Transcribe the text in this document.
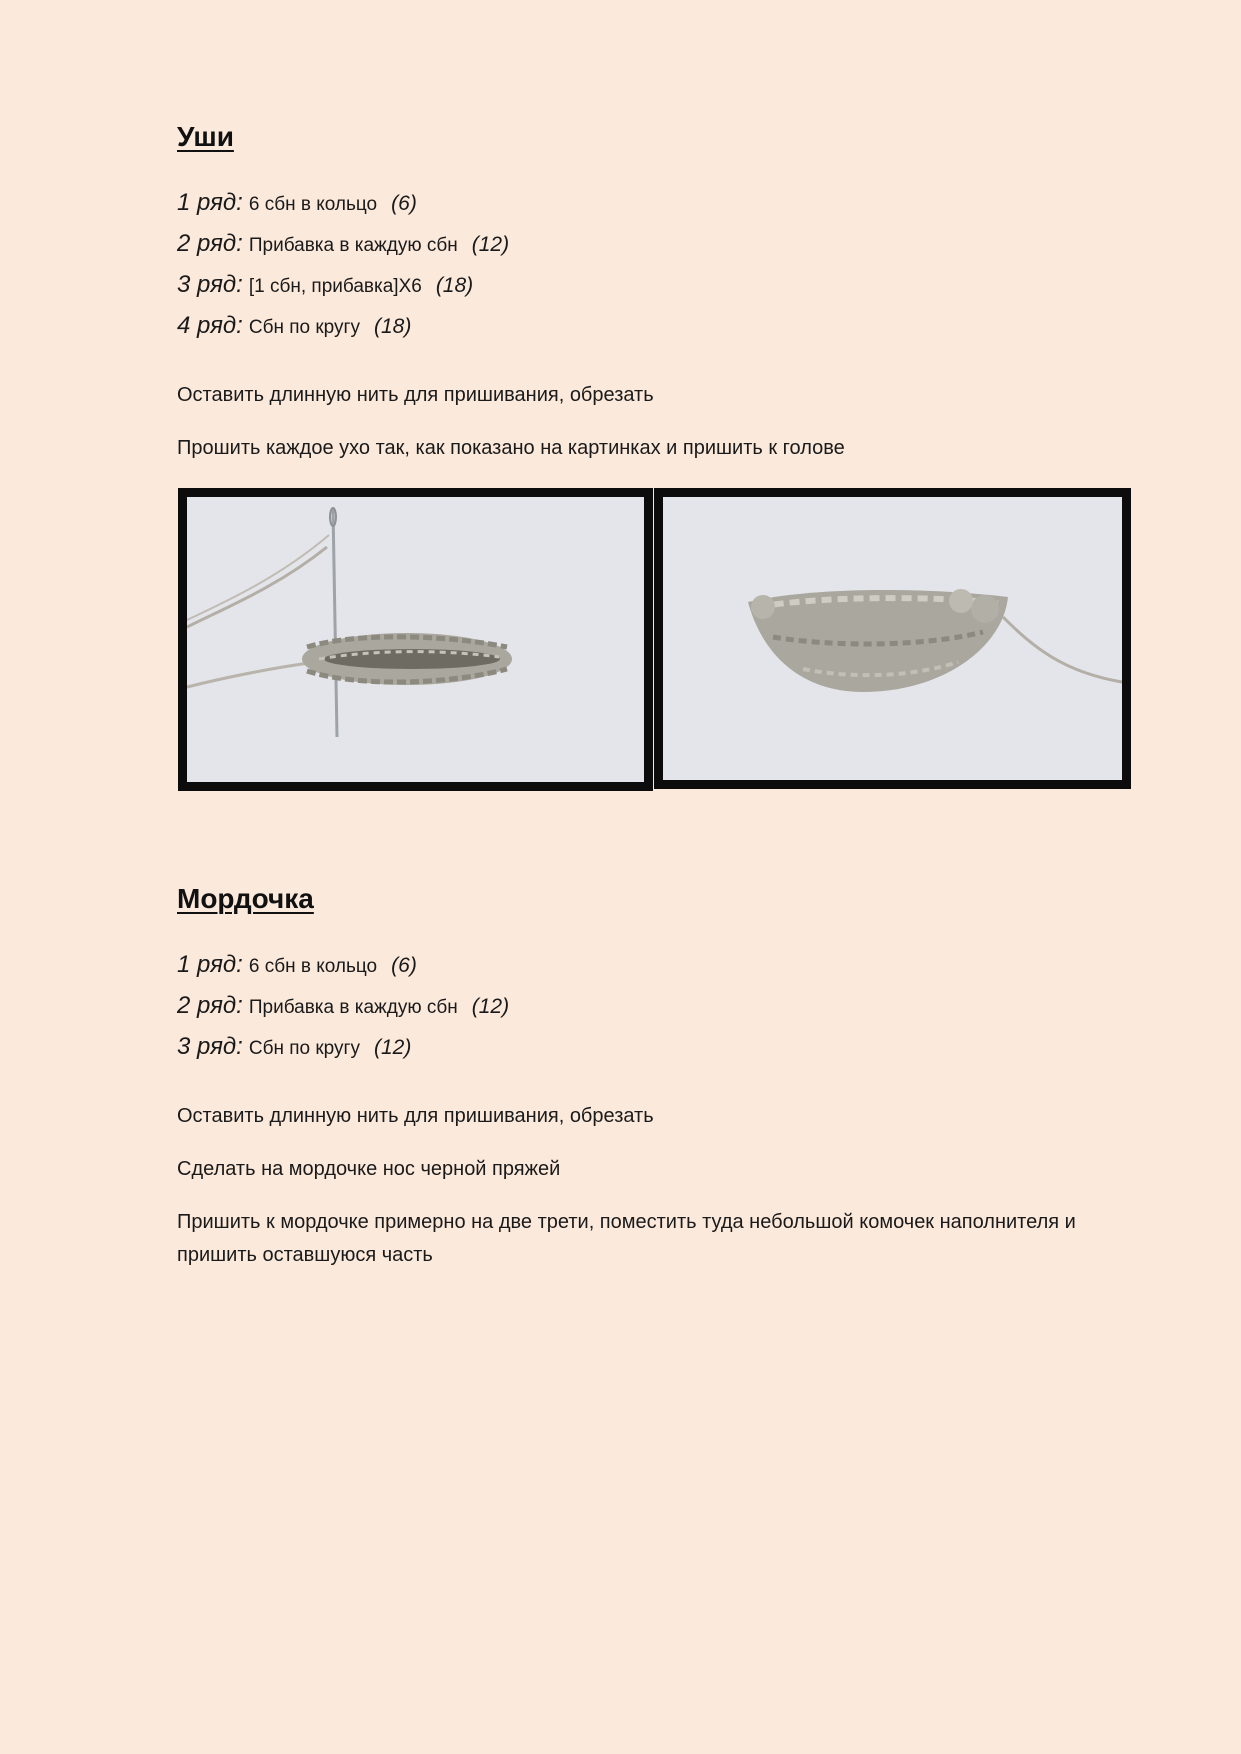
Уши
1 ряд: 6 сбн в кольцо (6)
2 ряд: Прибавка в каждую сбн (12)
3 ряд: [1 сбн, прибавка]Х6 (18)
4 ряд: Сбн по кругу (18)

Оставить длинную нить для пришивания, обрезать

Прошить каждое ухо так, как показано на картинках и пришить к голове

Мордочка
1 ряд: 6 сбн в кольцо (6)
2 ряд: Прибавка в каждую сбн (12)
3 ряд: Сбн по кругу (12)

Оставить длинную нить для пришивания, обрезать

Сделать на мордочке нос черной пряжей

Пришить к мордочке примерно на две трети, поместить туда небольшой комочек наполнителя и пришить оставшуюся часть
